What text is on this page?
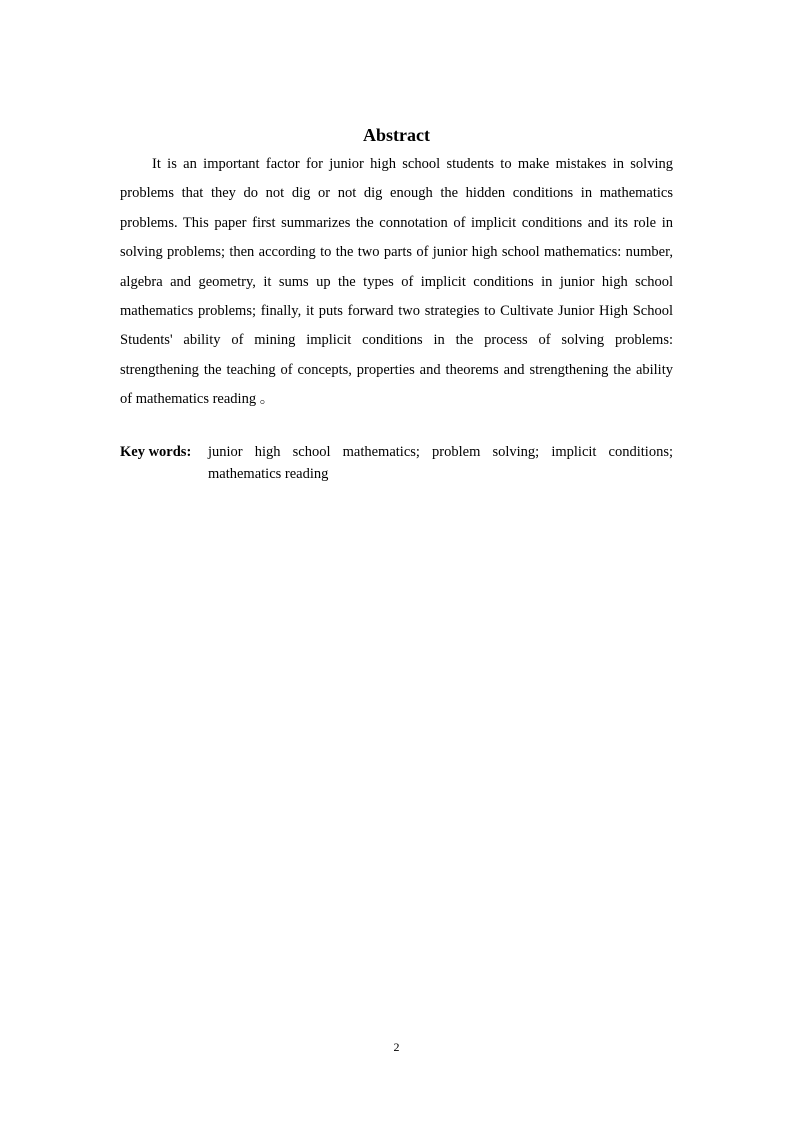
Abstract

It is an important factor for junior high school students to make mistakes in solving problems that they do not dig or not dig enough the hidden conditions in mathematics problems. This paper first summarizes the connotation of implicit conditions and its role in solving problems; then according to the two parts of junior high school mathematics: number, algebra and geometry, it sums up the types of implicit conditions in junior high school mathematics problems; finally, it puts forward two strategies to Cultivate Junior High School Students' ability of mining implicit conditions in the process of solving problems: strengthening the teaching of concepts, properties and theorems and strengthening the ability of mathematics reading 。

Key words:	junior high school mathematics; problem solving; implicit conditions; mathematics reading
2
